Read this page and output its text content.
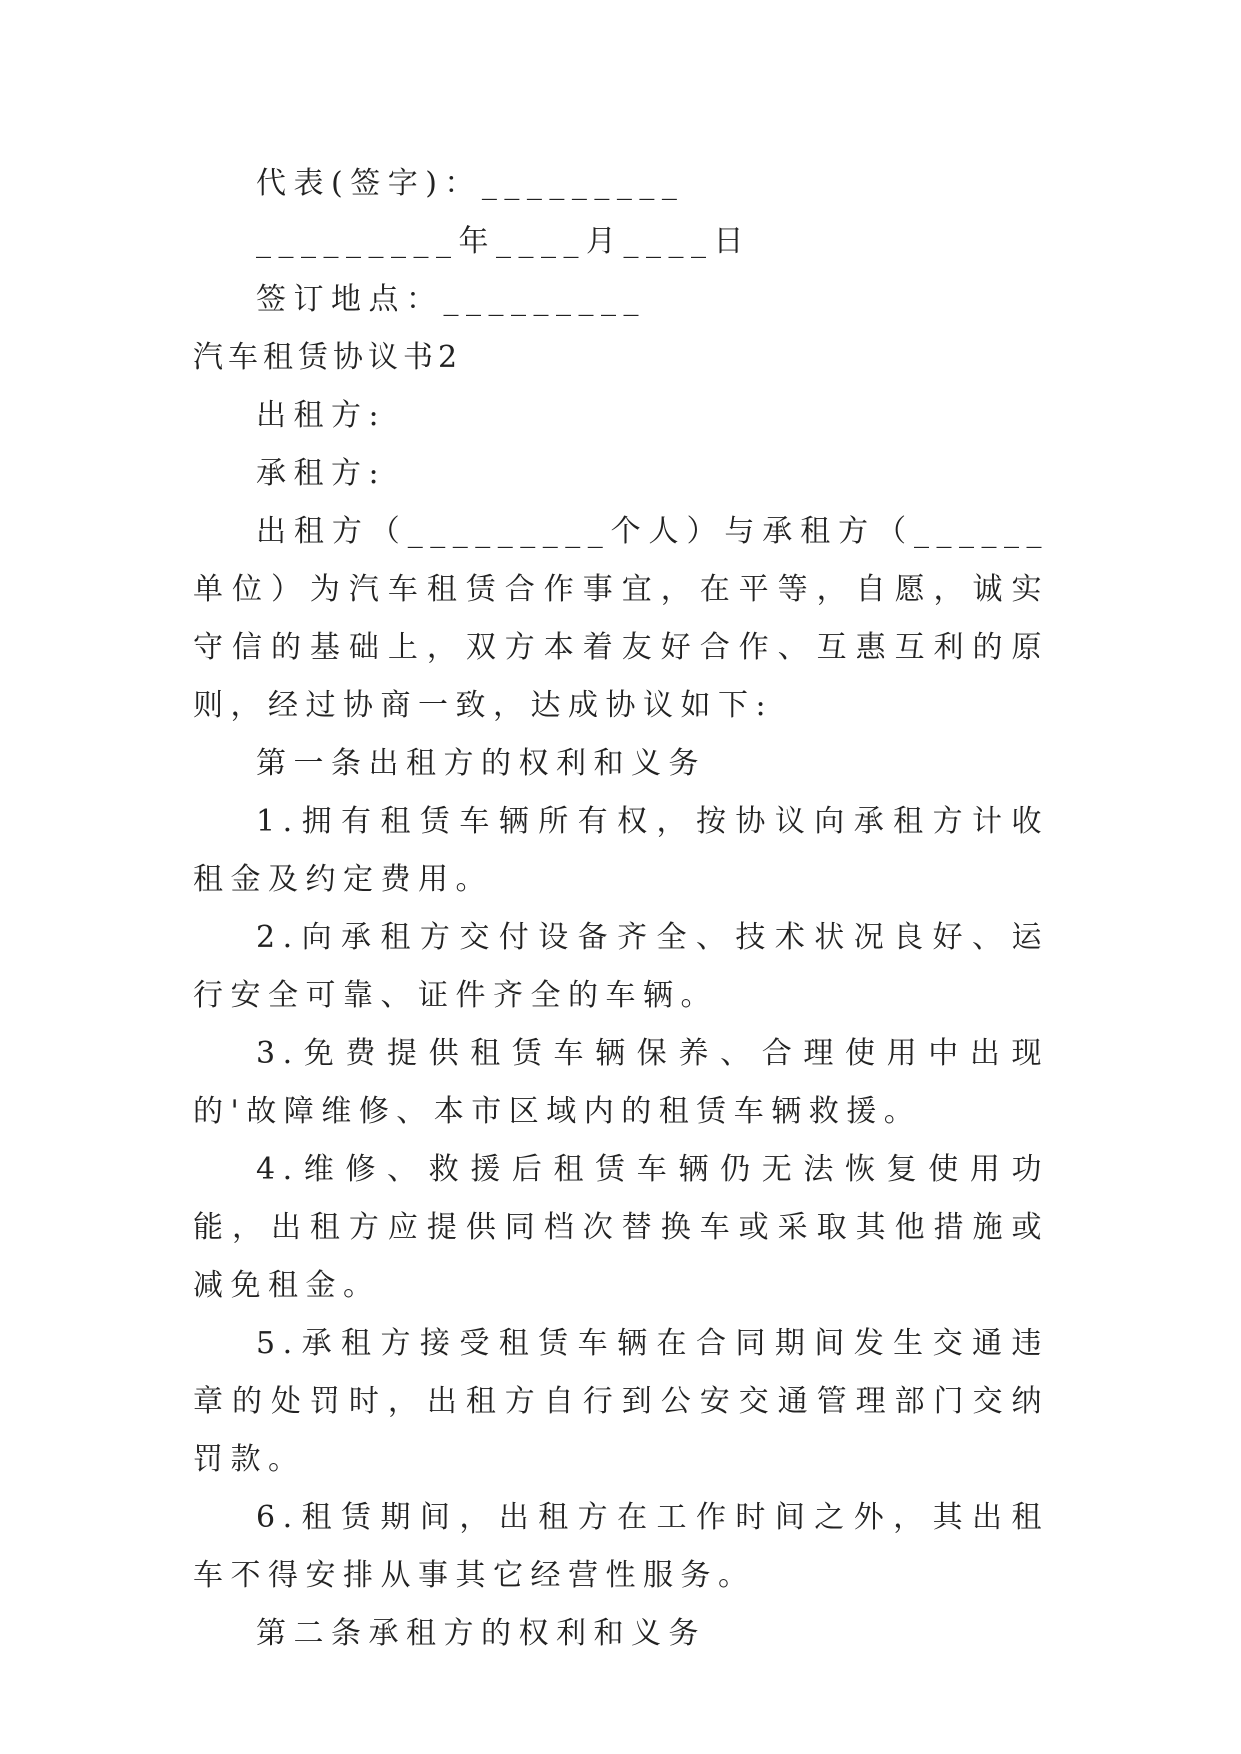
代表(签字)：_________

_________年____月____日

签订地点：_________

汽车租赁协议书2

出租方:

承租方:

出租方（_________个人）与承租方（______单位）为汽车租赁合作事宜，在平等，自愿，诚实守信的基础上，双方本着友好合作、互惠互利的原则，经过协商一致，达成协议如下:

第一条出租方的权利和义务

1.拥有租赁车辆所有权，按协议向承租方计收租金及约定费用。

2.向承租方交付设备齐全、技术状况良好、运行安全可靠、证件齐全的车辆。

3.免费提供租赁车辆保养、合理使用中出现的'故障维修、本市区域内的租赁车辆救援。

4.维修、救援后租赁车辆仍无法恢复使用功能，出租方应提供同档次替换车或采取其他措施或减免租金。

5.承租方接受租赁车辆在合同期间发生交通违章的处罚时，出租方自行到公安交通管理部门交纳罚款。

6.租赁期间，出租方在工作时间之外，其出租车不得安排从事其它经营性服务。

第二条承租方的权利和义务
